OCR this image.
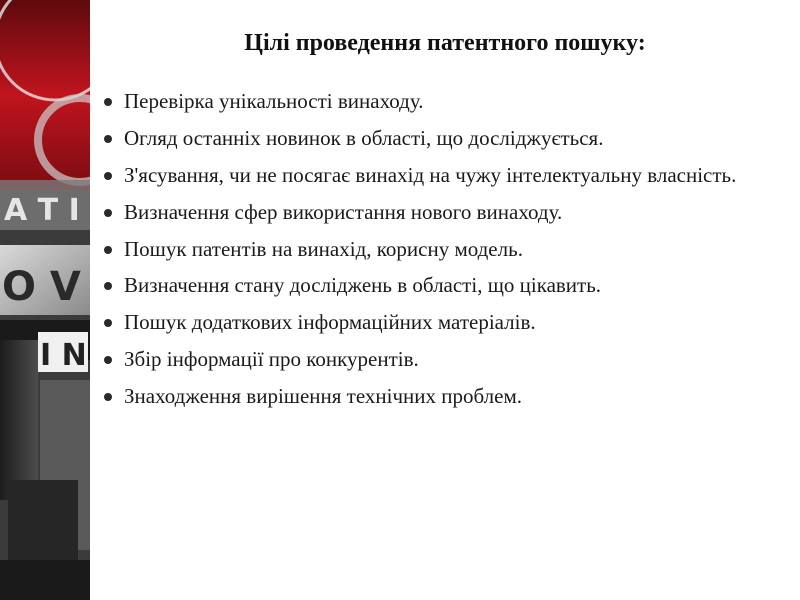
A T I
O V
I N
Цілі проведення патентного пошуку:
Перевірка унікальності винаходу.
Огляд останніх новинок в області, що досліджується.
З'ясування, чи не посягає винахід на чужу інтелектуальну власність.
Визначення сфер використання нового винаходу.
Пошук патентів на винахід, корисну модель.
Визначення стану досліджень в області, що цікавить.
Пошук додаткових інформаційних матеріалів.
Збір інформації про конкурентів.
Знаходження вирішення технічних проблем.
